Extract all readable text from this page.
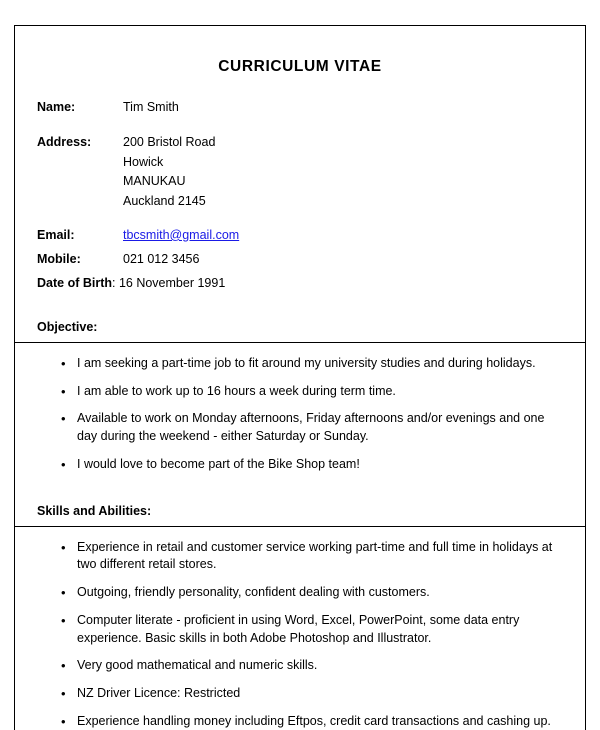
CURRICULUM VITAE
Name:	Tim Smith
Address:	200 Bristol Road
Howick
MANUKAU
Auckland 2145
Email:	tbcsmith@gmail.com
Mobile:	021 012 3456
Date of Birth: 16 November 1991
Objective:
• I am seeking a part-time job to fit around my university studies and during holidays.
• I am able to work up to 16 hours a week during term time.
• Available to work on Monday afternoons, Friday afternoons and/or evenings and one day during the weekend - either Saturday or Sunday.
• I would love to become part of the Bike Shop team!
Skills and Abilities:
• Experience in retail and customer service working part-time and full time in holidays at two different retail stores.
• Outgoing, friendly personality, confident dealing with customers.
• Computer literate - proficient in using Word, Excel, PowerPoint, some data entry experience. Basic skills in both Adobe Photoshop and Illustrator.
• Very good mathematical and numeric skills.
• NZ Driver Licence: Restricted
• Experience handling money including Eftpos, credit card transactions and cashing up.
